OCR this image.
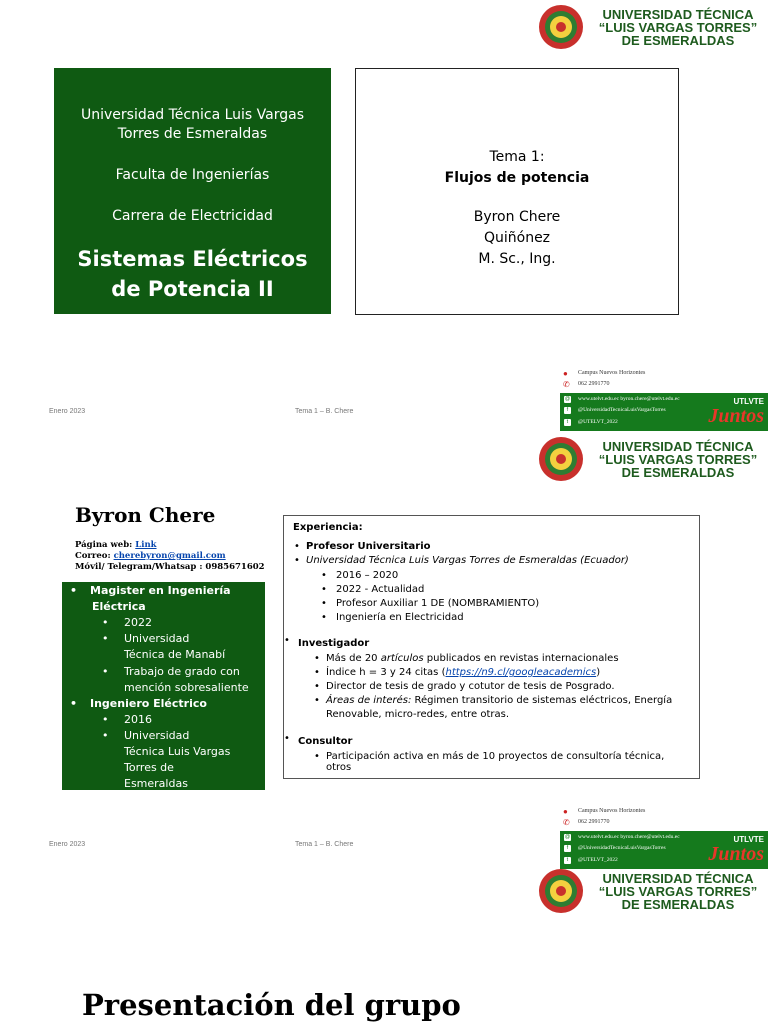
UNIVERSIDAD TÉCNICA
“LUIS VARGAS TORRES”
DE ESMERALDAS
Universidad Técnica Luis Vargas
Torres de Esmeraldas
Faculta de Ingenierías
Carrera de Electricidad
Sistemas Eléctricos
de Potencia II
Tema 1:
Flujos de potencia
Byron Chere
Quiñónez
M. Sc., Ing.
Enero 2023	Tema 1 – B. Chere
● Campus Nuevos Horizontes
✆ 062 2991770
@ www.utelvt.edu.ec byron.chere@utelvt.edu.ec
f	@UniversidadTecnicaLuisVargasTorres
t	@UTELVT_2022
UTLVTE
Juntos
UNIVERSIDAD TÉCNICA
“LUIS VARGAS TORRES”
DE ESMERALDAS
Byron Chere
Página web: Link
Correo: cherebyron@gmail.com
Móvil/ Telegram/Whatsap : 0985671602
• Magister en Ingeniería
Eléctrica
• 2022
• Universidad
Técnica de Manabí
• Trabajo de grado con
mención sobresaliente
• Ingeniero Eléctrico
• 2016
• Universidad
Técnica Luis Vargas
Torres de
Esmeraldas
Experiencia:
• Profesor Universitario
• Universidad Técnica Luis Vargas Torres de Esmeraldas (Ecuador)
• 2016 – 2020
• 2022 - Actualidad
• Profesor Auxiliar 1 DE (NOMBRAMIENTO)
• Ingeniería en Electricidad
• Investigador
• Más de 20 artículos publicados en revistas internacionales
• Índice h = 3 y 24 citas (https://n9.cl/googleacademics)
• Director de tesis de grado y cotutor de tesis de Posgrado.
• Áreas de interés: Régimen transitorio de sistemas eléctricos, Energía
Renovable, micro-redes, entre otras.
• Consultor
• Participación activa en más de 10 proyectos de consultoría técnica,
otros
Enero 2023	Tema 1 – B. Chere
● Campus Nuevos Horizontes
✆ 062 2991770
@ www.utelvt.edu.ec byron.chere@utelvt.edu.ec
f	@UniversidadTecnicaLuisVargasTorres
t	@UTELVT_2022
UTLVTE
Juntos
UNIVERSIDAD TÉCNICA
“LUIS VARGAS TORRES”
DE ESMERALDAS
Presentación del grupo
